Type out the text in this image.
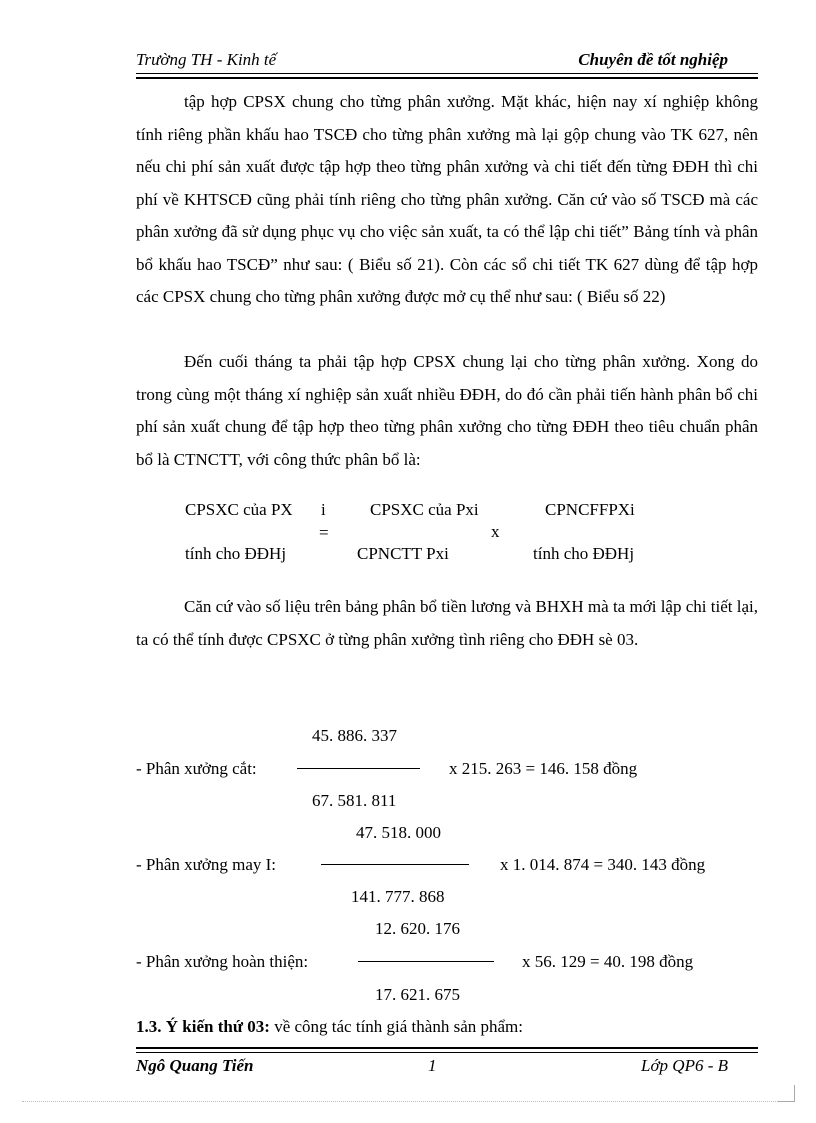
Trường TH - Kinh tế	Chuyên đề tốt nghiệp

tập hợp CPSX chung cho từng phân xưởng. Mặt khác, hiện nay xí nghiệp không tính riêng phần khấu hao TSCĐ cho từng phân xưởng mà lại gộp chung vào TK 627, nên nếu chi phí sản xuất được tập hợp theo từng phân xưởng và chi tiết đến từng ĐĐH thì chi phí về KHTSCĐ cũng phải tính riêng cho từng phân xưởng. Căn cứ vào số TSCĐ mà các phân xưởng đã sử dụng phục vụ cho việc sản xuất, ta có thể lập chi tiết” Bảng tính và phân bổ khấu hao TSCĐ” như sau: ( Biểu số 21). Còn các sổ chi tiết TK 627 dùng để tập hợp các CPSX chung cho từng phân xưởng được mở cụ thể như sau: ( Biểu số 22)

Đến cuối tháng ta phải tập hợp CPSX chung lại cho từng phân xưởng. Xong do trong cùng một tháng xí nghiệp sản xuất nhiều ĐĐH, do đó cần phải tiến hành phân bổ chi phí sản xuất chung để tập hợp theo từng phân xưởng cho từng ĐĐH theo tiêu chuẩn phân bổ là CTNCTT, với công thức phân bổ là:

CPSXC của PX i
=
tính cho ĐĐHj
CPSXC của Pxi
CPNCTT Pxi
x
CPNCFFPXi
tính cho ĐĐHj

Căn cứ vào số liệu trên bảng phân bổ tiền lương và BHXH mà ta mới lập chi tiết lại, ta có thể tính được CPSXC ở từng phân xưởng tình riêng cho ĐĐH sè 03.

45. 886. 337
- Phân xưởng cắt:	x 215. 263 = 146. 158 đồng
67. 581. 811
47. 518. 000
- Phân xưởng may I:	x 1. 014. 874 = 340. 143 đồng
141. 777. 868
12. 620. 176
- Phân xưởng hoàn thiện:	x 56. 129 = 40. 198 đồng
17. 621. 675
1.3. Ý kiến thứ 03: về công tác tính giá thành sản phẩm:
Ngô Quang Tiến	1	Lớp QP6 - B
